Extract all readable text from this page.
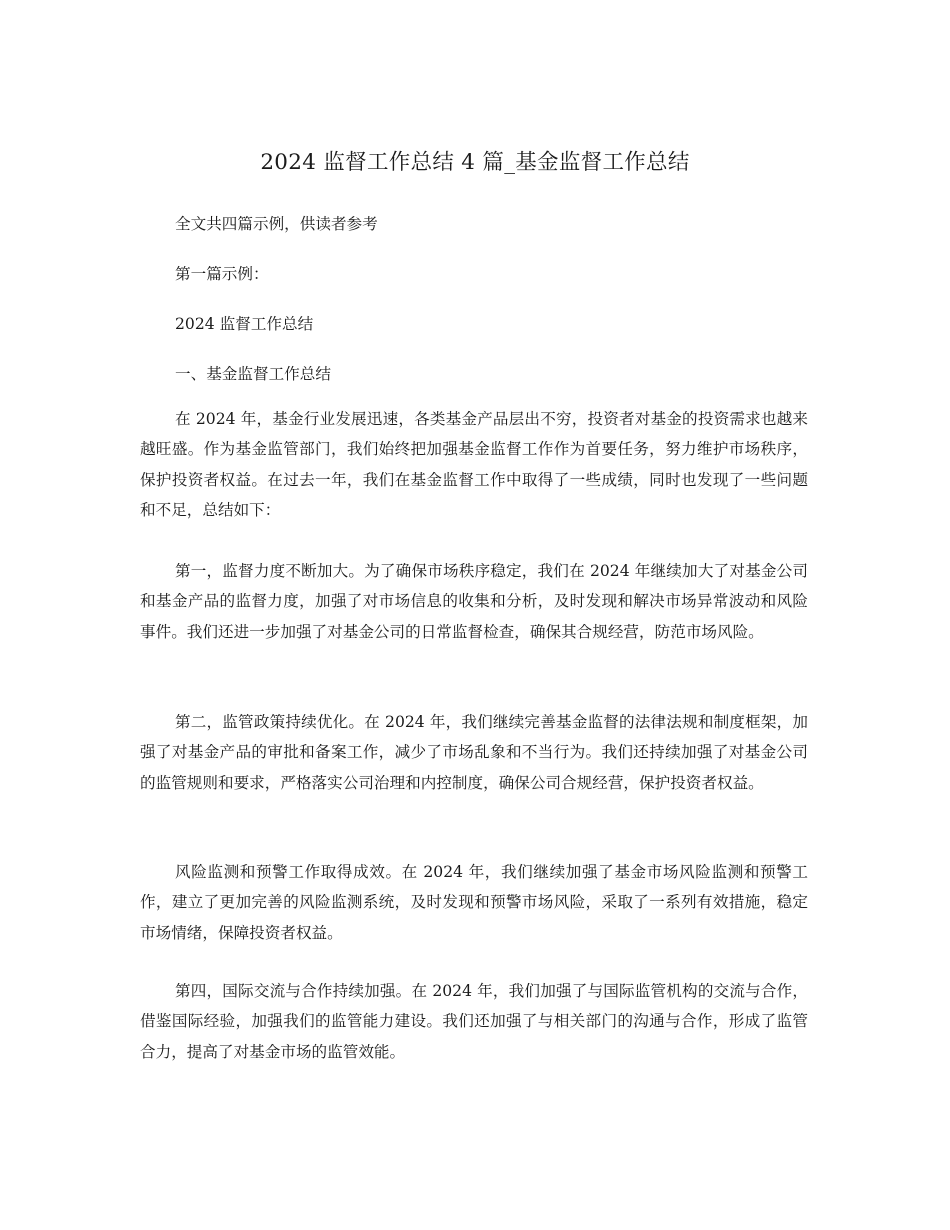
2024 监督工作总结 4 篇_基金监督工作总结
全文共四篇示例，供读者参考
第一篇示例：
2024 监督工作总结
一、基金监督工作总结

在 2024 年，基金行业发展迅速，各类基金产品层出不穷，投资者对基金的投资需求也越来越旺盛。作为基金监管部门，我们始终把加强基金监督工作作为首要任务，努力维护市场秩序，保护投资者权益。在过去一年，我们在基金监督工作中取得了一些成绩，同时也发现了一些问题和不足，总结如下：

第一，监督力度不断加大。为了确保市场秩序稳定，我们在 2024 年继续加大了对基金公司和基金产品的监督力度，加强了对市场信息的收集和分析，及时发现和解决市场异常波动和风险事件。我们还进一步加强了对基金公司的日常监督检查，确保其合规经营，防范市场风险。

第二，监管政策持续优化。在 2024 年，我们继续完善基金监督的法律法规和制度框架，加强了对基金产品的审批和备案工作，减少了市场乱象和不当行为。我们还持续加强了对基金公司的监管规则和要求，严格落实公司治理和内控制度，确保公司合规经营，保护投资者权益。

风险监测和预警工作取得成效。在 2024 年，我们继续加强了基金市场风险监测和预警工作，建立了更加完善的风险监测系统，及时发现和预警市场风险，采取了一系列有效措施，稳定市场情绪，保障投资者权益。

第四，国际交流与合作持续加强。在 2024 年，我们加强了与国际监管机构的交流与合作，借鉴国际经验，加强我们的监管能力建设。我们还加强了与相关部门的沟通与合作，形成了监管合力，提高了对基金市场的监管效能。
